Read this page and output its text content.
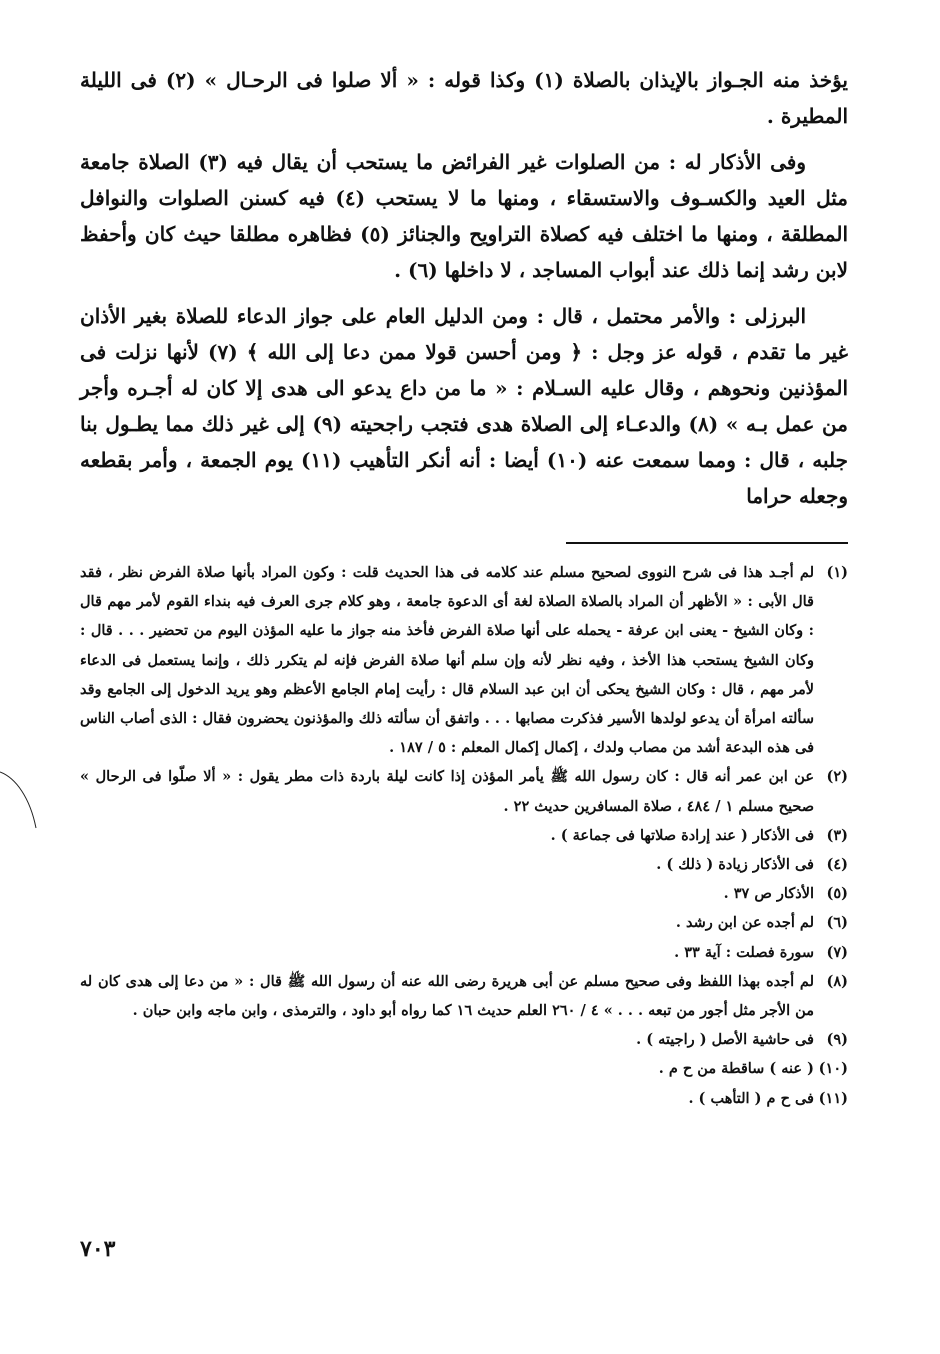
يؤخذ منه الجـواز بالإيذان بالصلاة (١) وكذا قوله : « ألا صلوا فى الرحـال » (٢) فى الليلة المطيرة .

وفى الأذكار له : من الصلوات غير الفرائض ما يستحب أن يقال فيه (٣) الصلاة جامعة مثل العيد والكسـوف والاستسقاء ، ومنها ما لا يستحب (٤) فيه كسنن الصلوات والنوافل المطلقة ، ومنها ما اختلف فيه كصلاة التراويح والجنائز (٥) فظاهره مطلقا حيث كان وأحفظ لابن رشد إنما ذلك عند أبواب المساجد ، لا داخلها (٦) .

البرزلى : والأمر محتمل ، قال : ومن الدليل العام على جواز الدعاء للصلاة بغير الأذان غير ما تقدم ، قوله عز وجل : ﴿ ومن أحسن قولا ممن دعا إلى الله ﴾ (٧) لأنها نزلت فى المؤذنين ونحوهم ، وقال عليه السـلام : « ما من داع يدعو الى هدى إلا كان له أجـره وأجر من عمل بـه » (٨) والدعـاء إلى الصلاة هدى فتجب راجحيته (٩) إلى غير ذلك مما يطـول بنا جلبه ، قال : ومما سمعت عنه (١٠) أيضا : أنه أنكر التأهيب (١١) يوم الجمعة ، وأمر بقطعه وجعله حراما

(١)
لم أجـد هذا فى شرح النووى لصحيح مسلم عند كلامه فى هذا الحديث قلت : وكون المراد بأنها صلاة الفرض نظر ، فقد قال الأبى : « الأظهر أن المراد بالصلاة الصلاة لغة أى الدعوة جامعة ، وهو كلام جرى العرف فيه بنداء القوم لأمر مهم قال : وكان الشيخ - يعنى ابن عرفة - يحمله على أنها صلاة الفرض فأخذ منه جواز ما عليه المؤذن اليوم من تحضير . . . قال : وكان الشيخ يستحب هذا الأخذ ، وفيه نظر لأنه وإن سلم أنها صلاة الفرض فإنه لم يتكرر ذلك ، وإنما يستعمل فى الدعاء لأمر مهم ، قال : وكان الشيخ يحكى أن ابن عبد السلام قال : رأيت إمام الجامع الأعظم وهو يريد الدخول إلى الجامع وقد سألته امرأة أن يدعو لولدها الأسير فذكرت مصابها . . . واتفق أن سألته ذلك والمؤذنون يحضرون فقال : الذى أصاب الناس فى هذه البدعة أشد من مصاب ولدك ، إكمال إكمال المعلم : ٥ / ١٨٧ .
(٢)
عن ابن عمر أنه قال : كان رسول الله ﷺ يأمر المؤذن إذا كانت ليلة باردة ذات مطر يقول : « ألا صلّوا فى الرحال » صحيح مسلم ١ / ٤٨٤ ، صلاة المسافرين حديث ٢٢ .
(٣)
فى الأذكار ( عند إرادة صلاتها فى جماعة ) .
(٤)
فى الأذكار زيادة ( ذلك ) .
(٥)
الأذكار ص ٣٧ .
(٦)
لم أجده عن ابن رشد .
(٧)
سورة فصلت : آية ٣٣ .
(٨)
لم أجده بهذا اللفظ وفى صحيح مسلم عن أبى هريرة رضى الله عنه أن رسول الله ﷺ قال : « من دعا إلى هدى كان له من الأجر مثل أجور من تبعه . . . » ٤ / ٢٦٠ العلم حديث ١٦ كما رواه أبو داود ، والترمذى ، وابن ماجه وابن حبان .
(٩)
فى حاشية الأصل ( راجيته ) .
(١٠)
( عنه ) ساقطة من ح م .
(١١)
فى ح م ( التأهب ) .
٧٠٣
